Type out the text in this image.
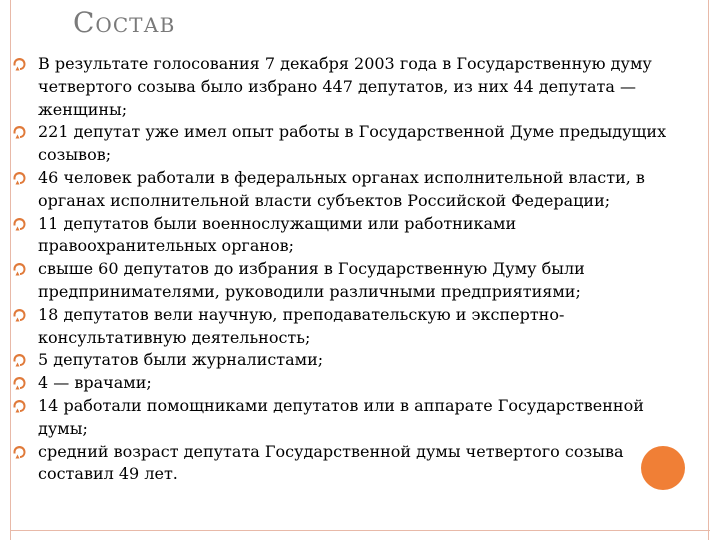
Состав
В результате голосования 7 декабря 2003 года в Государственную думу четвертого созыва было избрано 447 депутатов, из них 44 депутата — женщины;
221 депутат уже имел опыт работы в Государственной Думе предыдущих созывов;
46 человек работали в федеральных органах исполнительной власти, в органах исполнительной власти субъектов Российской Федерации;
11 депутатов были военнослужащими или работниками правоохранительных органов;
свыше 60 депутатов до избрания в Государственную Думу были предпринимателями, руководили различными предприятиями;
18 депутатов вели научную, преподавательскую и экспертно-консультативную деятельность;
5 депутатов были журналистами;
4 — врачами;
14 работали помощниками депутатов или в аппарате Государственной думы;
средний возраст депутата Государственной думы четвертого созыва составил 49 лет.
